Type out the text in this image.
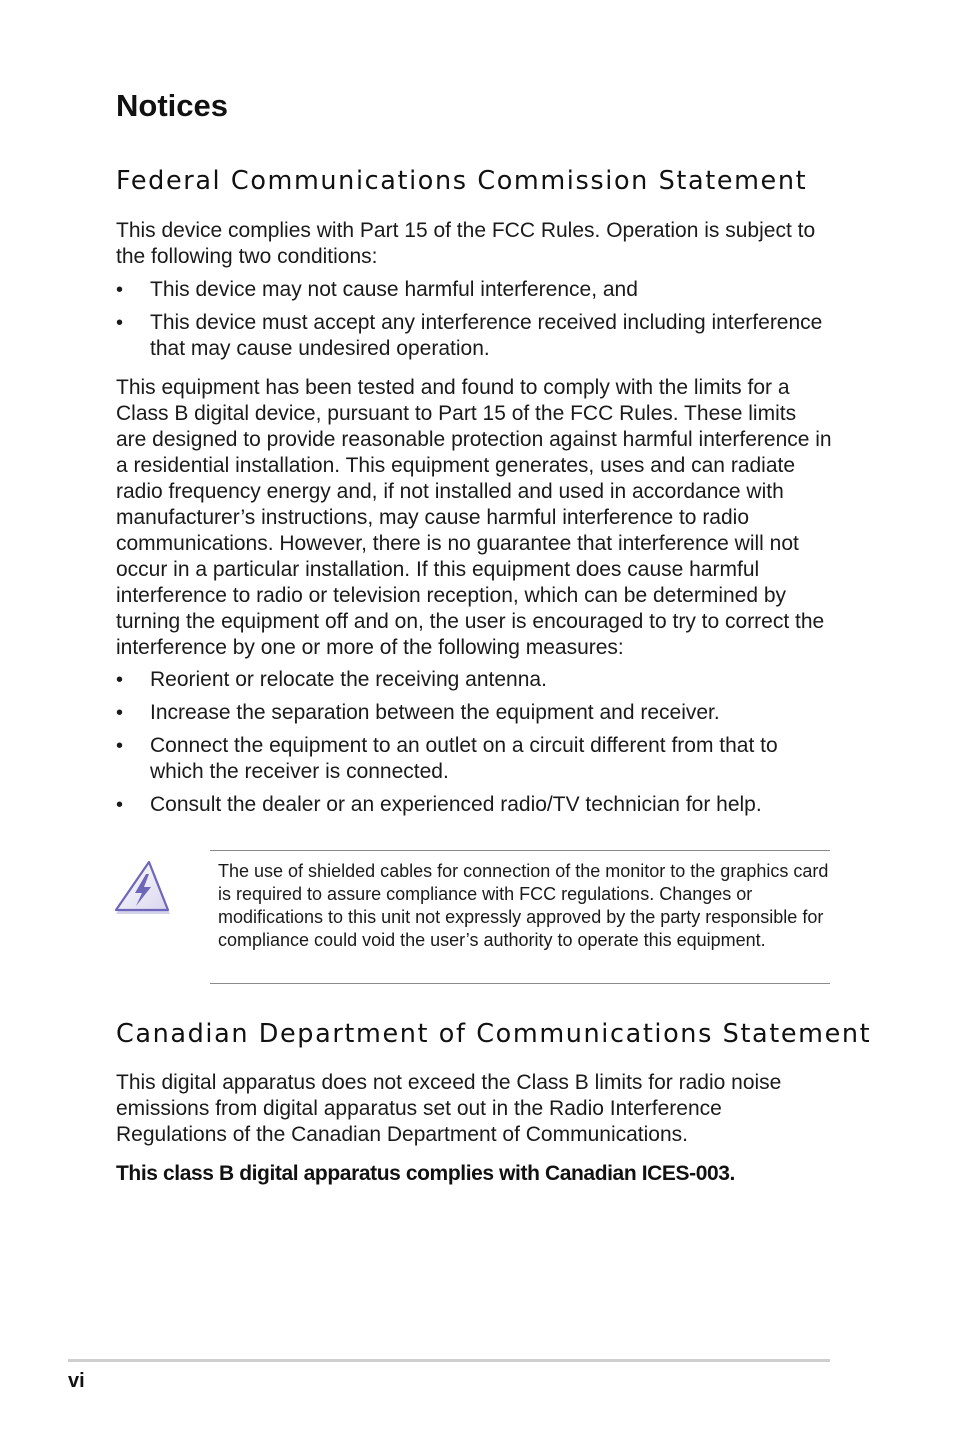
Notices
Federal Communications Commission Statement

This device complies with Part 15 of the FCC Rules. Operation is subject to the following two conditions:

•	This device may not cause harmful interference, and
•	This device must accept any interference received including interference that may cause undesired operation.

This equipment has been tested and found to comply with the limits for a Class B digital device, pursuant to Part 15 of the FCC Rules. These limits are designed to provide reasonable protection against harmful interference in a residential installation. This equipment generates, uses and can radiate radio frequency energy and, if not installed and used in accordance with manufacturer’s instructions, may cause harmful interference to radio communications. However, there is no guarantee that interference will not occur in a particular installation. If this equipment does cause harmful interference to radio or television reception, which can be determined by turning the equipment off and on, the user is encouraged to try to correct the interference by one or more of the following measures:

•	Reorient or relocate the receiving antenna.
•	Increase the separation between the equipment and receiver.
•	Connect the equipment to an outlet on a circuit different from that to which the receiver is connected.
•	Consult the dealer or an experienced radio/TV technician for help.

The use of shielded cables for connection of the monitor to the graphics card is required to assure compliance with FCC regulations. Changes or modifications to this unit not expressly approved by the party responsible for compliance could void the user’s authority to operate this equipment.

Canadian Department of Communications Statement

This digital apparatus does not exceed the Class B limits for radio noise emissions from digital apparatus set out in the Radio Interference Regulations of the Canadian Department of Communications.

This class B digital apparatus complies with Canadian ICES-003.

vi
